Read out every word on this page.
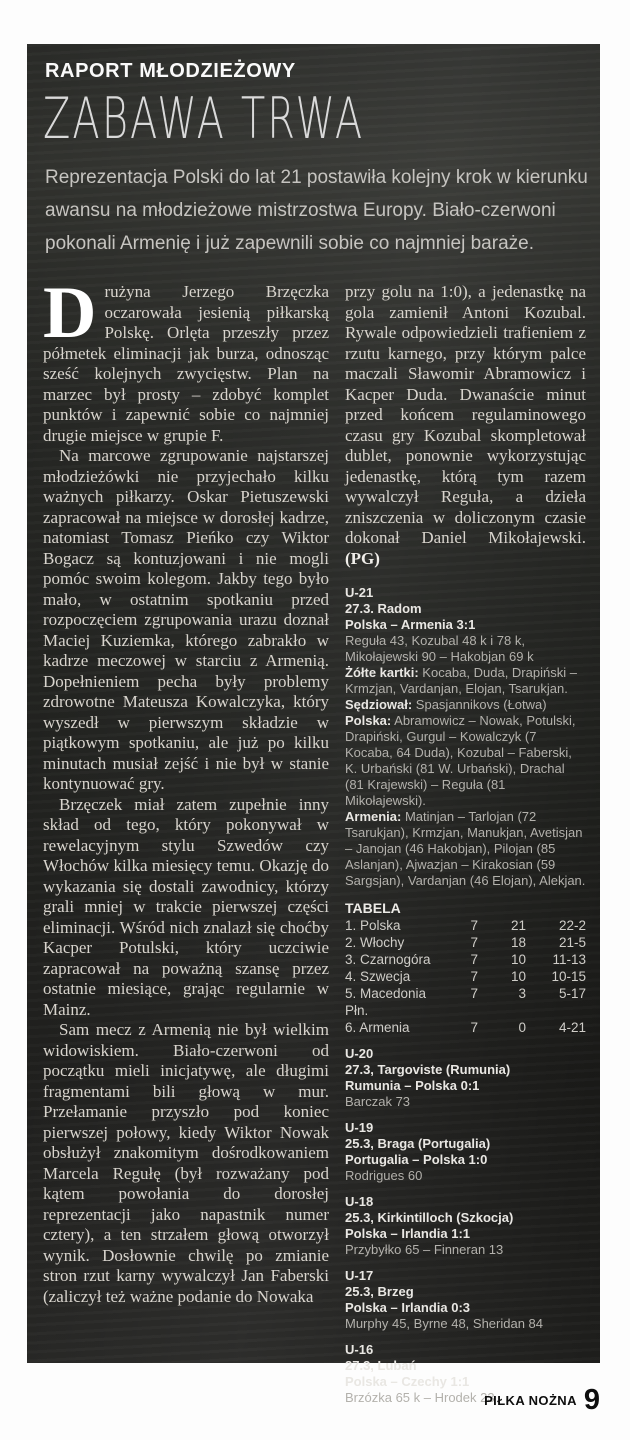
RAPORT MŁODZIEŻOWY
ZABAWA TRWA

Reprezentacja Polski do lat 21 postawiła kolejny krok w kierunku awansu na młodzieżowe mistrzostwa Europy. Biało-czerwoni pokonali Armenię i już zapewnili sobie co najmniej baraże.

Drużyna Jerzego Brzęczka oczarowała jesienią piłkarską Polskę. Orlęta przeszły przez półmetek eliminacji jak burza, odnosząc sześć kolejnych zwycięstw. Plan na marzec był prosty – zdobyć komplet punktów i zapewnić sobie co najmniej drugie miejsce w grupie F.

Na marcowe zgrupowanie najstarszej młodzieżówki nie przyjechało kilku ważnych piłkarzy. Oskar Pietuszewski zapracował na miejsce w dorosłej kadrze, natomiast Tomasz Pieńko czy Wiktor Bogacz są kontuzjowani i nie mogli pomóc swoim kolegom. Jakby tego było mało, w ostatnim spotkaniu przed rozpoczęciem zgrupowania urazu doznał Maciej Kuziemka, którego zabrakło w kadrze meczowej w starciu z Armenią. Dopełnieniem pecha były problemy zdrowotne Mateusza Kowalczyka, który wyszedł w pierwszym składzie w piątkowym spotkaniu, ale już po kilku minutach musiał zejść i nie był w stanie kontynuować gry.

Brzęczek miał zatem zupełnie inny skład od tego, który pokonywał w rewelacyjnym stylu Szwedów czy Włochów kilka miesięcy temu. Okazję do wykazania się dostali zawodnicy, którzy grali mniej w trakcie pierwszej części eliminacji. Wśród nich znalazł się choćby Kacper Potulski, który uczciwie zapracował na poważną szansę przez ostatnie miesiące, grając regularnie w Mainz.

Sam mecz z Armenią nie był wielkim widowiskiem. Biało-czerwoni od początku mieli inicjatywę, ale długimi fragmentami bili głową w mur. Przełamanie przyszło pod koniec pierwszej połowy, kiedy Wiktor Nowak obsłużył znakomitym dośrodkowaniem Marcela Regułę (był rozważany pod kątem powołania do dorosłej reprezentacji jako napastnik numer cztery), a ten strzałem głową otworzył wynik. Dosłownie chwilę po zmianie stron rzut karny wywalczył Jan Faberski (zaliczył też ważne podanie do Nowaka

przy golu na 1:0), a jedenastkę na gola zamienił Antoni Kozubal. Rywale odpowiedzieli trafieniem z rzutu karnego, przy którym palce maczali Sławomir Abramowicz i Kacper Duda. Dwanaście minut przed końcem regulaminowego czasu gry Kozubal skompletował dublet, ponownie wykorzystując jedenastkę, którą tym razem wywalczył Reguła, a dzieła zniszczenia w doliczonym czasie dokonał Daniel Mikołajewski. (PG)

U-21
27.3. Radom
Polska – Armenia 3:1
Reguła 43, Kozubal 48 k i 78 k, Mikołajewski 90 – Hakobjan 69 k
Żółte kartki: Kocaba, Duda, Drapiński – Krmzjan, Vardanjan, Elojan, Tsarukjan.
Sędziował: Spasjannikovs (Łotwa)
Polska: Abramowicz – Nowak, Potulski, Drapiński, Gurgul – Kowalczyk (7 Kocaba, 64 Duda), Kozubal – Faberski, K. Urbański (81 W. Urbański), Drachal (81 Krajewski) – Reguła (81 Mikołajewski).
Armenia: Matinjan – Tarlojan (72 Tsarukjan), Krmzjan, Manukjan, Avetisjan – Janojan (46 Hakobjan), Pilojan (85 Aslanjan), Ajwazjan – Kirakosian (59 Sargsjan), Vardanjan (46 Elojan), Alekjan.
TABELA
1. Polska	7	21	22-2
2. Włochy	7	18	21-5
3. Czarnogóra	7	10	11-13
4. Szwecja	7	10	10-15
5. Macedonia Płn.
7	3	5-17
6. Armenia	7	0	4-21
U-20
27.3, Targoviste (Rumunia)
Rumunia – Polska 0:1
Barczak 73
U-19
25.3, Braga (Portugalia)
Portugalia – Polska 1:0
Rodrigues 60
U-18
25.3, Kirkintilloch (Szkocja)
Polska – Irlandia 1:1
Przybyłko 65 – Finneran 13
U-17
25.3, Brzeg
Polska – Irlandia 0:3
Murphy 45, Byrne 48, Sheridan 84
U-16
27.3, Lubań
Polska – Czechy 1:1
Brzózka 65 k – Hrodek 23
PIŁKA NOŻNA 9
